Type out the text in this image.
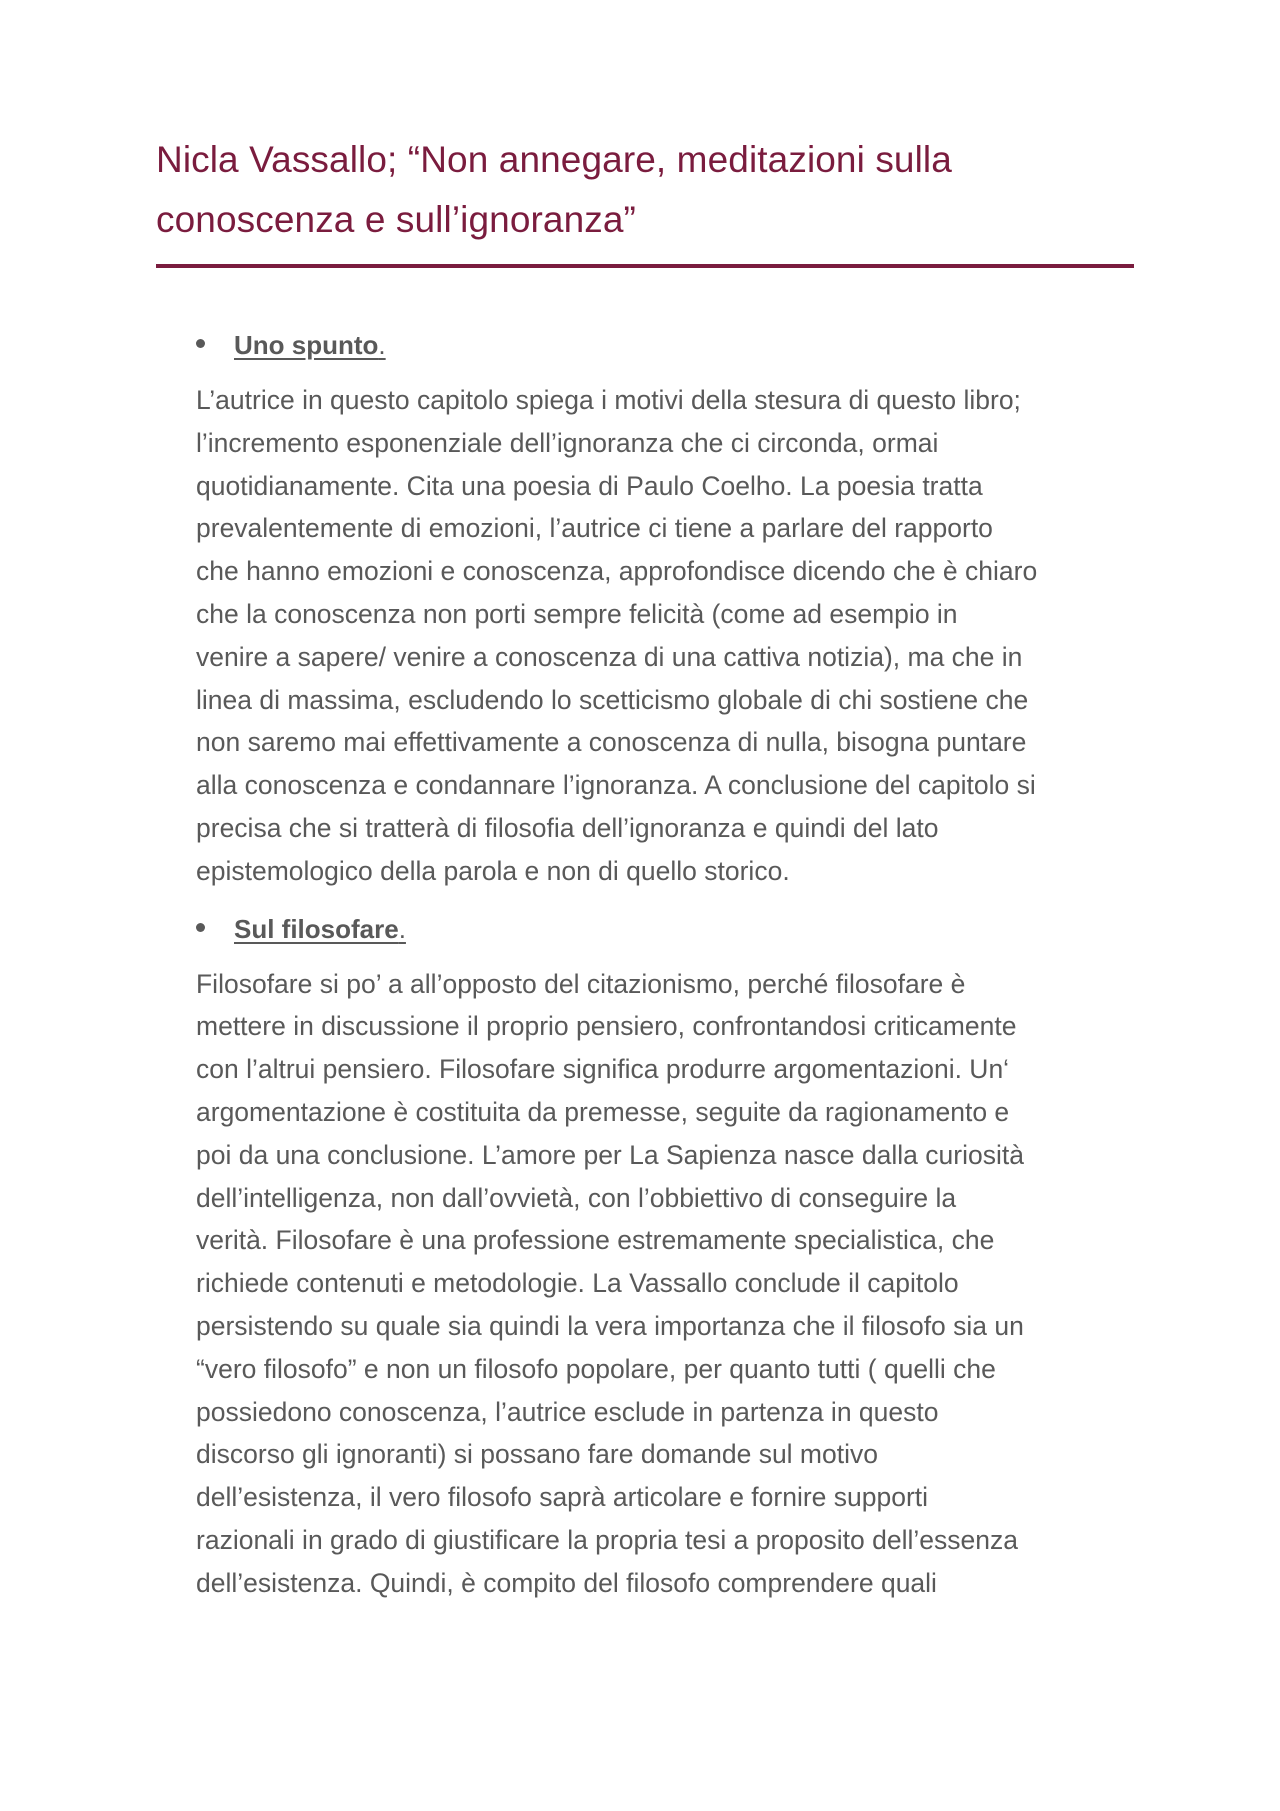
Nicla Vassallo; “Non annegare, meditazioni sulla
conoscenza e sull’ignoranza”
Uno spunto.

L’autrice in questo capitolo spiega i motivi della stesura di questo libro;
l’incremento esponenziale dell’ignoranza che ci circonda, ormai
quotidianamente. Cita una poesia di Paulo Coelho. La poesia tratta
prevalentemente di emozioni, l’autrice ci tiene a parlare del rapporto
che hanno emozioni e conoscenza, approfondisce dicendo che è chiaro
che la conoscenza non porti sempre felicità (come ad esempio in
venire a sapere/ venire a conoscenza di una cattiva notizia), ma che in
linea di massima, escludendo lo scetticismo globale di chi sostiene che
non saremo mai effettivamente a conoscenza di nulla, bisogna puntare
alla conoscenza e condannare l’ignoranza. A conclusione del capitolo si
precisa che si tratterà di filosofia dell’ignoranza e quindi del lato
epistemologico della parola e non di quello storico.

Sul filosofare.

Filosofare si po’ a all’opposto del citazionismo, perché filosofare è
mettere in discussione il proprio pensiero, confrontandosi criticamente
con l’altrui pensiero. Filosofare significa produrre argomentazioni. Un‘
argomentazione è costituita da premesse, seguite da ragionamento e
poi da una conclusione. L’amore per La Sapienza nasce dalla curiosità
dell’intelligenza, non dall’ovvietà, con l’obbiettivo di conseguire la
verità. Filosofare è una professione estremamente specialistica, che
richiede contenuti e metodologie. La Vassallo conclude il capitolo
persistendo su quale sia quindi la vera importanza che il filosofo sia un
“vero filosofo” e non un filosofo popolare, per quanto tutti ( quelli che
possiedono conoscenza, l’autrice esclude in partenza in questo
discorso gli ignoranti) si possano fare domande sul motivo
dell’esistenza, il vero filosofo saprà articolare e fornire supporti
razionali in grado di giustificare la propria tesi a proposito dell’essenza
dell’esistenza. Quindi, è compito del filosofo comprendere quali
